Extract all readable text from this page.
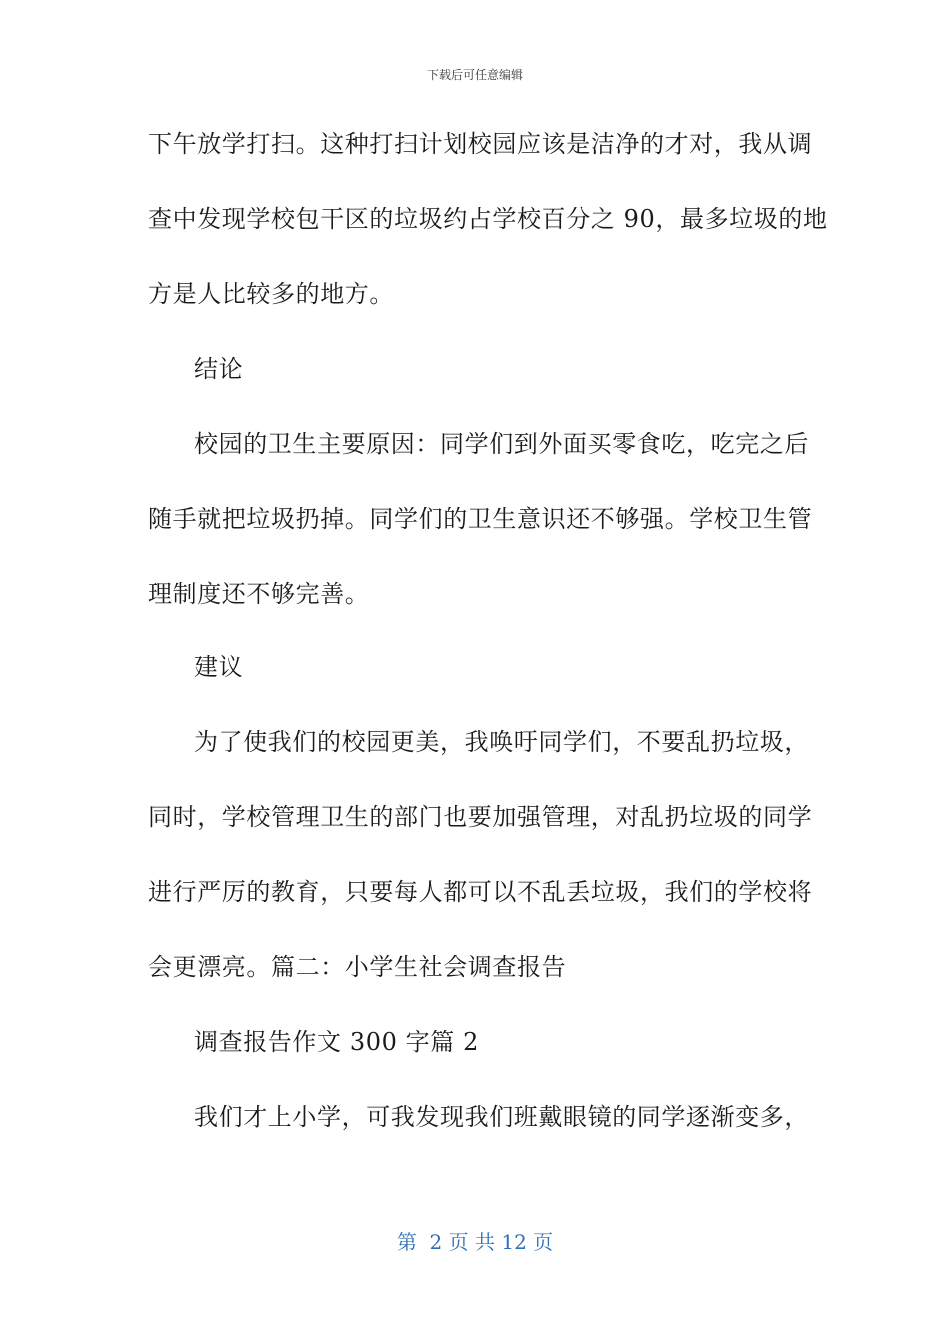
下载后可任意编辑
下午放学打扫。这种打扫计划校园应该是洁净的才对，我从调
查中发现学校包干区的垃圾约占学校百分之 90，最多垃圾的地
方是人比较多的地方。
结论
校园的卫生主要原因：同学们到外面买零食吃，吃完之后
随手就把垃圾扔掉。同学们的卫生意识还不够强。学校卫生管
理制度还不够完善。
建议
为了使我们的校园更美，我唤吁同学们，不要乱扔垃圾，
同时，学校管理卫生的部门也要加强管理，对乱扔垃圾的同学
进行严厉的教育，只要每人都可以不乱丢垃圾，我们的学校将
会更漂亮。篇二：小学生社会调查报告
调查报告作文 300 字篇 2
我们才上小学，可我发现我们班戴眼镜的同学逐渐变多，
第  2 页 共 12 页
